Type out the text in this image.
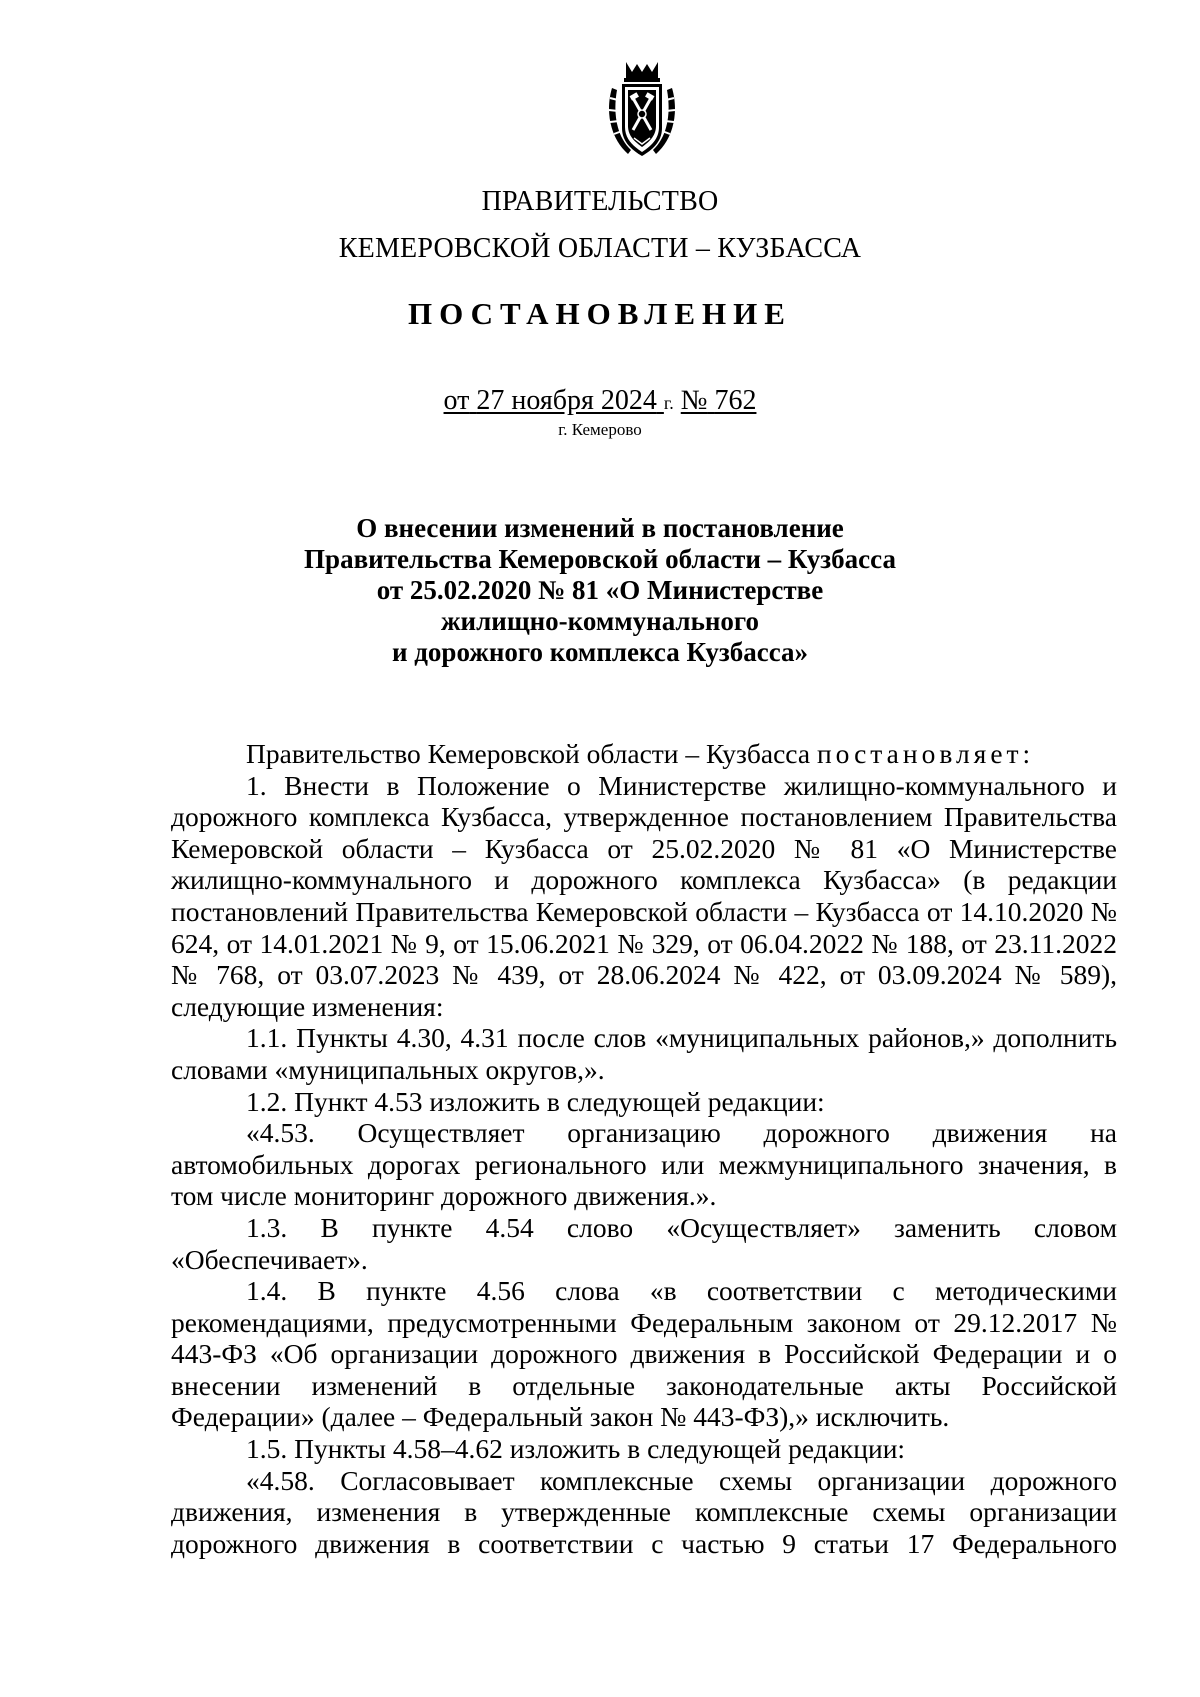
ПРАВИТЕЛЬСТВО
КЕМЕРОВСКОЙ ОБЛАСТИ – КУЗБАССА
ПОСТАНОВЛЕНИЕ
от 27 ноября 2024 г. № 762
г. Кемерово
О внесении изменений в постановление
Правительства Кемеровской области – Кузбасса
от 25.02.2020 № 81 «О Министерстве
жилищно-коммунального
и дорожного комплекса Кузбасса»

Правительство Кемеровской области – Кузбасса постановляет:

1. Внести в Положение о Министерстве жилищно-коммунального и дорожного комплекса Кузбасса, утвержденное постановлением Правительства Кемеровской области – Кузбасса от 25.02.2020 № 81 «О Министерстве жилищно-коммунального и дорожного комплекса Кузбасса» (в редакции постановлений Правительства Кемеровской области – Кузбасса от 14.10.2020 № 624, от 14.01.2021 № 9, от 15.06.2021 № 329, от 06.04.2022 № 188, от 23.11.2022 № 768, от 03.07.2023 № 439, от 28.06.2024 № 422, от 03.09.2024 № 589), следующие изменения:

1.1. Пункты 4.30, 4.31 после слов «муниципальных районов,» дополнить словами «муниципальных округов,».

1.2. Пункт 4.53 изложить в следующей редакции:

«4.53. Осуществляет организацию дорожного движения на автомобильных дорогах регионального или межмуниципального значения, в том числе мониторинг дорожного движения.».

1.3. В пункте 4.54 слово «Осуществляет» заменить словом «Обеспечивает».

1.4. В пункте 4.56 слова «в соответствии с методическими рекомендациями, предусмотренными Федеральным законом от 29.12.2017 № 443-ФЗ «Об организации дорожного движения в Российской Федерации и о внесении изменений в отдельные законодательные акты Российской Федерации» (далее – Федеральный закон № 443-ФЗ),» исключить.

1.5. Пункты 4.58–4.62 изложить в следующей редакции:

«4.58. Согласовывает комплексные схемы организации дорожного движения, изменения в утвержденные комплексные схемы организации дорожного движения в соответствии с частью 9 статьи 17 Федерального
